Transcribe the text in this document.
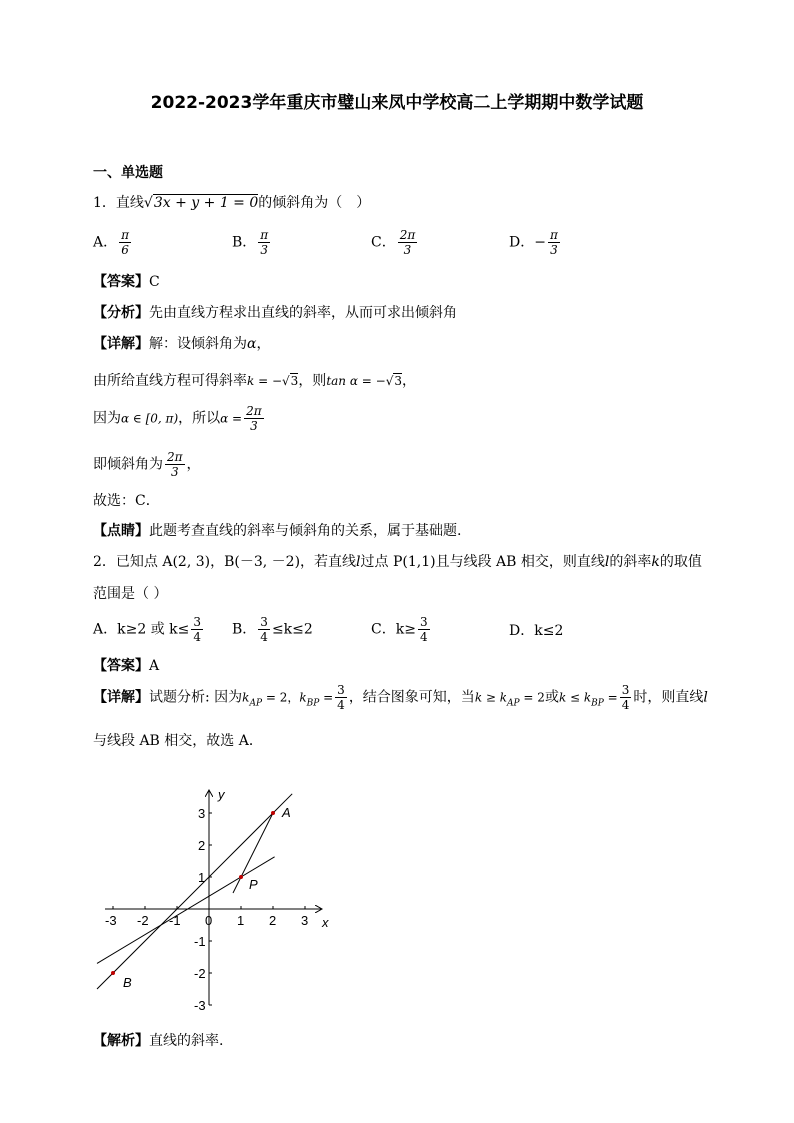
2022-2023学年重庆市璧山来凤中学校高二上学期期中数学试题
一、单选题
1．直线√3x + y + 1 = 0的倾斜角为（　）
A． $\frac{\pi}{6}$	B． $\frac{\pi}{3}$	C． $\frac{2\pi}{3}$	D．− $\frac{\pi}{3}$
【答案】C
【分析】先由直线方程求出直线的斜率，从而可求出倾斜角
【详解】解：设倾斜角为α，
由所给直线方程可得斜率k = −√3，则tan α = −√3，
因为α ∈ [0, π)，所以$\alpha = \frac{2\pi}{3}$
即倾斜角为 $\frac{2\pi}{3}$ ，
故选：C．
【点睛】此题考查直线的斜率与倾斜角的关系，属于基础题.
2．已知点 A(2, 3)，B(－3, －2)，若直线l过点 P(1,1)且与线段 AB 相交，则直线l的斜率k的取值
范围是（ ）
A．k≥2 或 $k\le \frac{3}{4}$ B． $\frac{3}{4} \le k\le 2$	C．$k\ge \frac{3}{4}$	D．k≤2
【答案】A
【详解】试题分析: 因为$k_{AP} = 2$，$k_{BP} = \frac{3}{4}$ ，结合图象可知，当$k \ge k_{AP} = 2$或$k \le k_{BP} = \frac{3}{4}$ 时，则直线l
与线段 AB 相交，故选 A．
-3 -2 -1 0 1 2 3
3
2
1
-1
-2
-3
x
y
A
B
P
【解析】直线的斜率.
